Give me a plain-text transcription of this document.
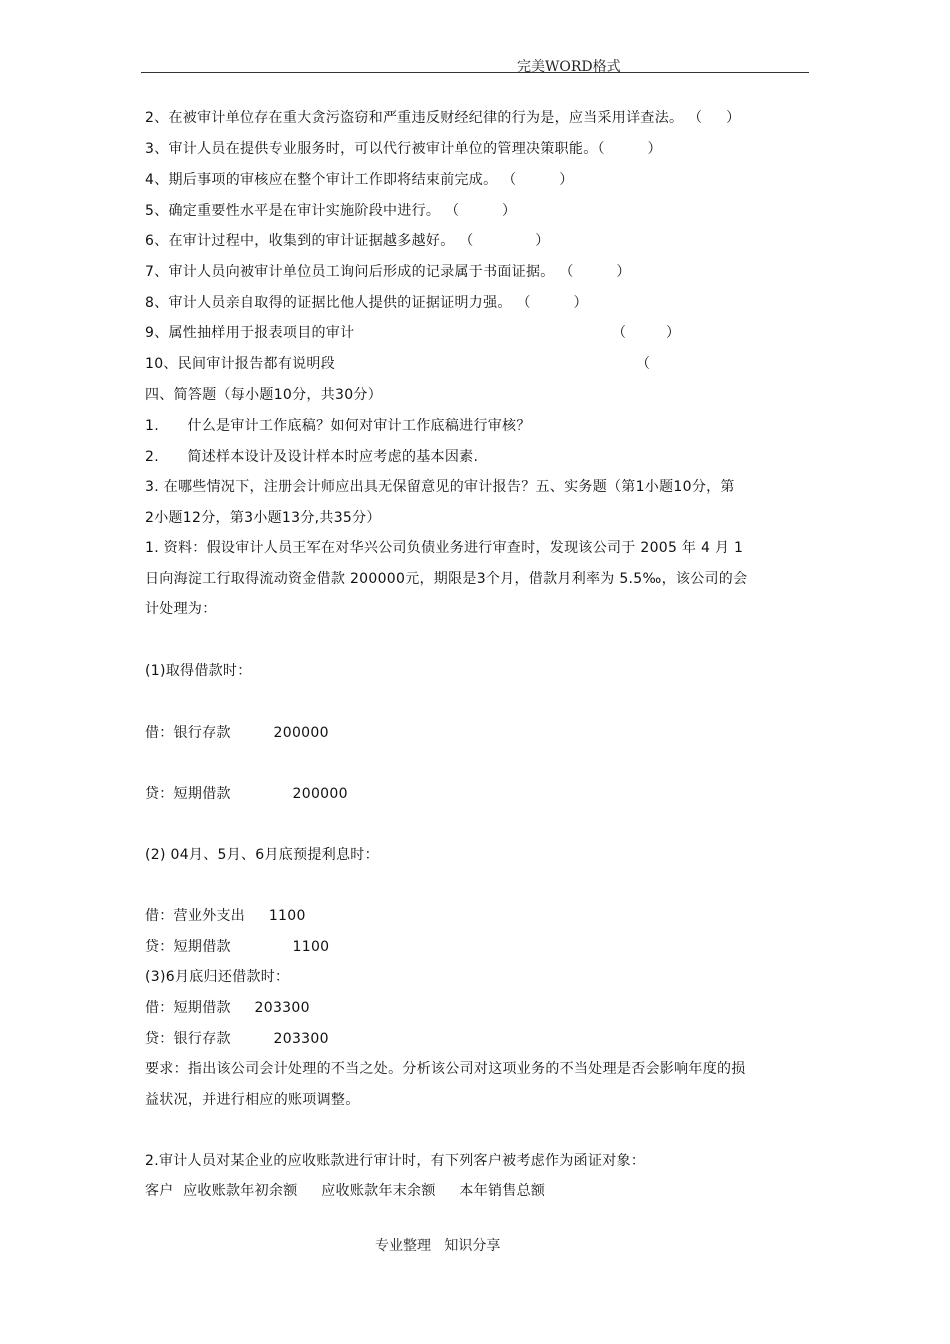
完美WORD格式
2、在被审计单位存在重大贪污盗窃和严重违反财经纪律的行为是，应当采用详查法。 （     ）
3、审计人员在提供专业服务时，可以代行被审计单位的管理决策职能。（         ）
4、期后事项的审核应在整个审计工作即将结束前完成。 （         ）
5、确定重要性水平是在审计实施阶段中进行。 （         ）
6、在审计过程中，收集到的审计证据越多越好。 （             ）
7、审计人员向被审计单位员工询问后形成的记录属于书面证据。 （         ）
8、审计人员亲自取得的证据比他人提供的证据证明力强。 （         ）
9、属性抽样用于报表项目的审计
10、民间审计报告都有说明段
四、简答题（每小题10分，共30分）
1.      什么是审计工作底稿？如何对审计工作底稿进行审核？
2.      简述样本设计及设计样本时应考虑的基本因素.
3. 在哪些情况下，注册会计师应出具无保留意见的审计报告？五、实务题（第1小题10分，第
2小题12分，第3小题13分,共35分）
1. 资料：假设审计人员王军在对华兴公司负债业务进行审查时，发现该公司于 2005 年 4 月 1
日向海淀工行取得流动资金借款 200000元，期限是3个月，借款月利率为 5.5‰，该公司的会
计处理为：
(1)取得借款时：
借：银行存款         200000
贷：短期借款             200000
(2) 04月、5月、6月底预提利息时：
借：营业外支出     1100
贷：短期借款             1100
(3)6月底归还借款时：
借：短期借款     203300
贷：银行存款         203300
要求：指出该公司会计处理的不当之处。分析该公司对这项业务的不当处理是否会影响年度的损
益状况，并进行相应的账项调整。
2.审计人员对某企业的应收账款进行审计时，有下列客户被考虑作为函证对象：
客户  应收账款年初余额     应收账款年末余额     本年销售总额
（         ）
（
专业整理   知识分享
